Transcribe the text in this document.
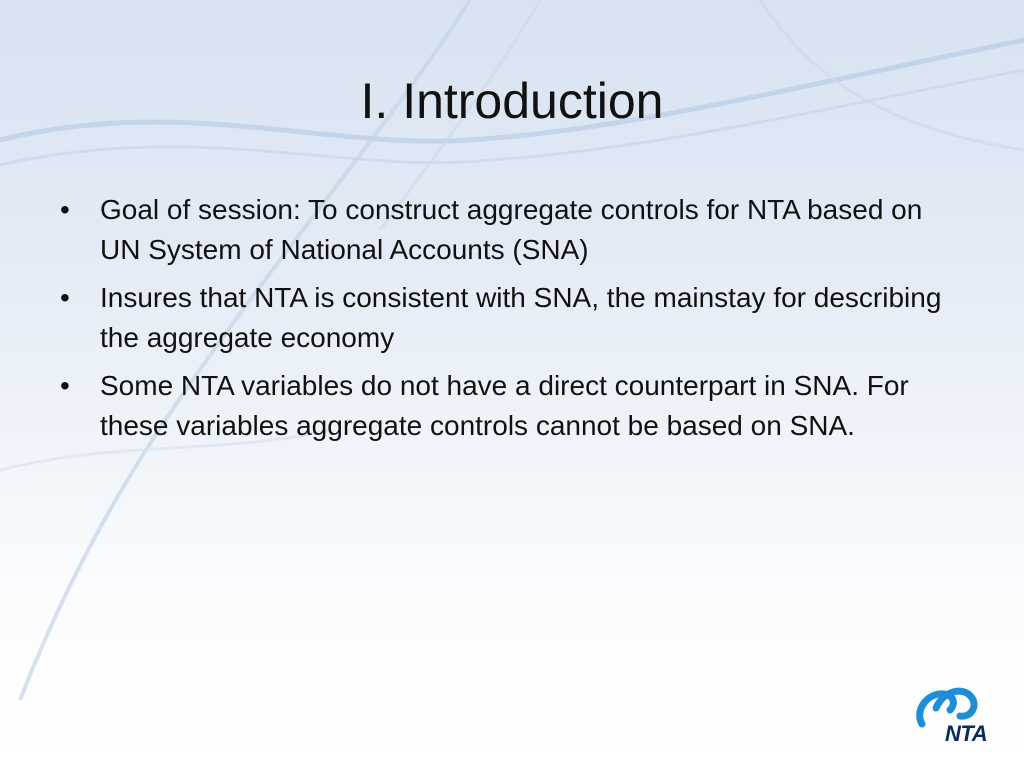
I. Introduction
• Goal of session: To construct aggregate controls for NTA based on UN System of National Accounts (SNA)
• Insures that NTA is consistent with SNA, the mainstay for describing the aggregate economy
• Some NTA variables do not have a direct counterpart in SNA. For these variables aggregate controls cannot be based on SNA.
NTA
